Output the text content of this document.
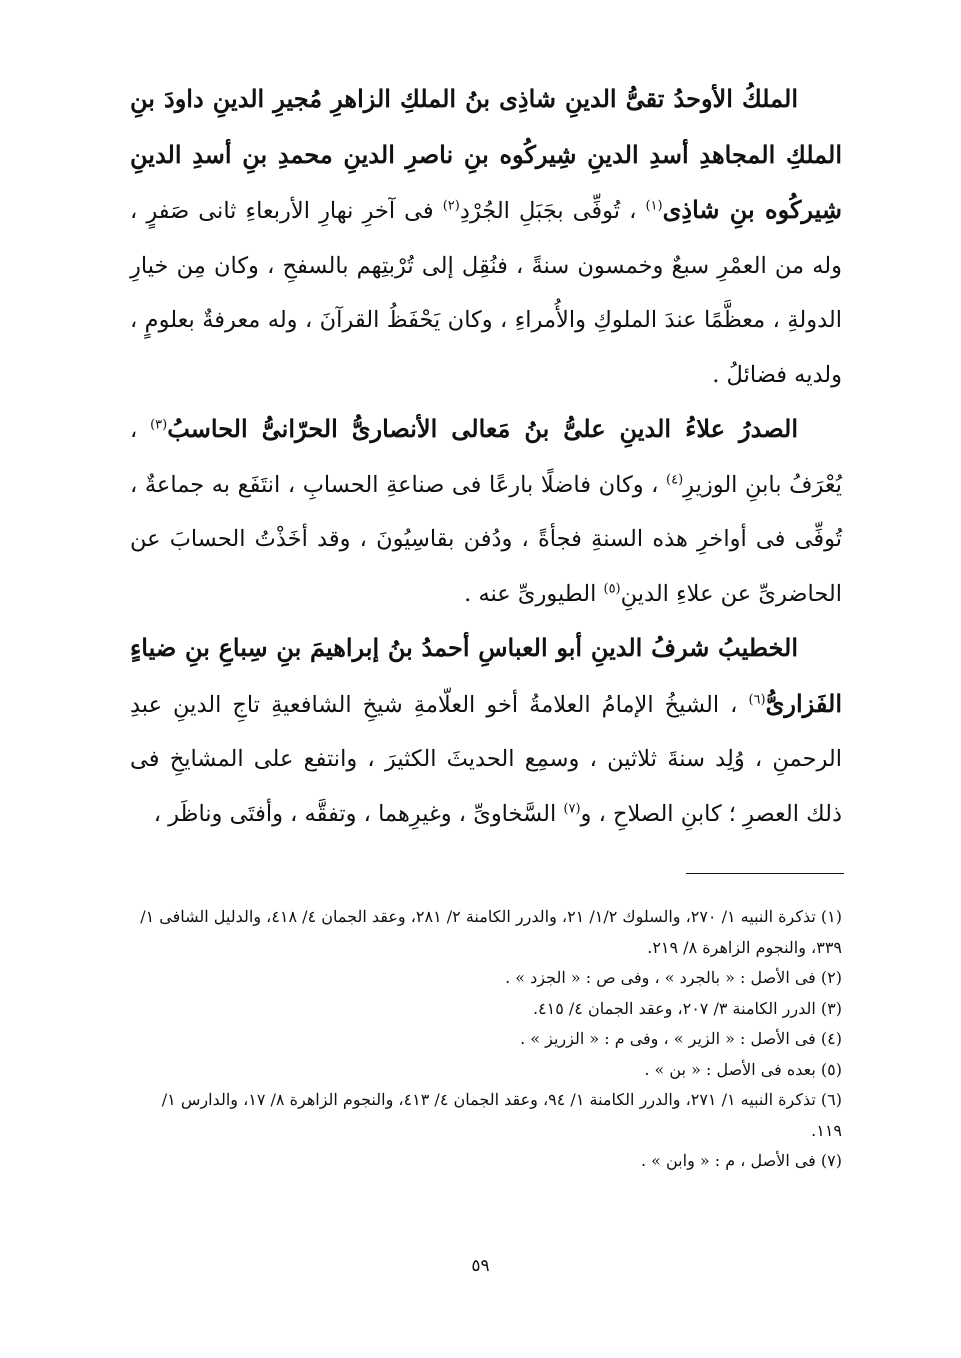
الملكُ الأوحدُ تقىُّ الدينِ شاذِى بنُ الملكِ الزاهرِ مُجيرِ الدينِ داودَ بنِ الملكِ المجاهدِ أسدِ الدينِ شِيركُوه بنِ ناصرِ الدينِ محمدِ بنِ أسدِ الدينِ شِيركُوه بنِ شاذِى$^{(١)}$ ، تُوفِّى بجَبَلِ الجُرْدِ$^{(٢)}$ فى آخرِ نهارِ الأربعاءِ ثانى صَفرٍ ، وله من العمْرِ سبعٌ وخمسون سنةً ، فنُقِل إلى تُرْبتِهم بالسفحِ ، وكان مِن خيارِ الدولةِ ، معظَّمًا عندَ الملوكِ والأُمراءِ ، وكان يَحْفَظُ القرآنَ ، وله معرفةٌ بعلومٍ ، ولديه فضائلُ .

الصدرُ علاءُ الدينِ علىُّ بنُ مَعالى الأنصارىُّ الحرّانىُّ الحاسبُ$^{(٣)}$ ، يُعْرَفُ بابنِ الوزيرِ$^{(٤)}$ ، وكان فاضلًا بارعًا فى صناعةِ الحسابِ ، انتَفَع به جماعةٌ ، تُوفِّى فى أواخرِ هذه السنةِ فجأةً ، ودُفن بقاسِيُونَ ، وقد أخَذْتُ الحسابَ عن الحاضرىِّ عن علاءِ الدينِ$^{(٥)}$ الطيورىِّ عنه .

الخطيبُ شرفُ الدينِ أبو العباسِ أحمدُ بنُ إبراهيمَ بنِ سِباعِ بنِ ضياءٍ الفَزارىُّ$^{(٦)}$ ، الشيخُ الإمامُ العلامةُ أخو العلّامةِ شيخِ الشافعيةِ تاجِ الدينِ عبدِ الرحمنِ ، وُلِد سنةَ ثلاثين ، وسمِع الحديثَ الكثيرَ ، وانتفع على المشايخِ فى ذلك العصرِ ؛ كابنِ الصلاحِ ، و$^{(٧)}$ السَّخاوىِّ ، وغيرِهما ، وتفقَّه ، وأفتَى وناظَر ،

(١) تذكرة النبيه ١/ ٢٧٠، والسلوك ١/٢/ ٢١، والدرر الكامنة ٢/ ٢٨١، وعقد الجمان ٤/ ٤١٨، والدليل الشافى ١/ ٣٣٩، والنجوم الزاهرة ٨/ ٢١٩.

(٢) فى الأصل : « بالجرد » ، وفى ص : « الجزد » .

(٣) الدرر الكامنة ٣/ ٢٠٧، وعقد الجمان ٤/ ٤١٥.

(٤) فى الأصل : « الزير » ، وفى م : « الزريز » .

(٥) بعده فى الأصل : « بن » .

(٦) تذكرة النبيه ١/ ٢٧١، والدرر الكامنة ١/ ٩٤، وعقد الجمان ٤/ ٤١٣، والنجوم الزاهرة ٨/ ١٧، والدارس ١/ ١١٩.

(٧) فى الأصل ، م : « وابن » .

٥٩
